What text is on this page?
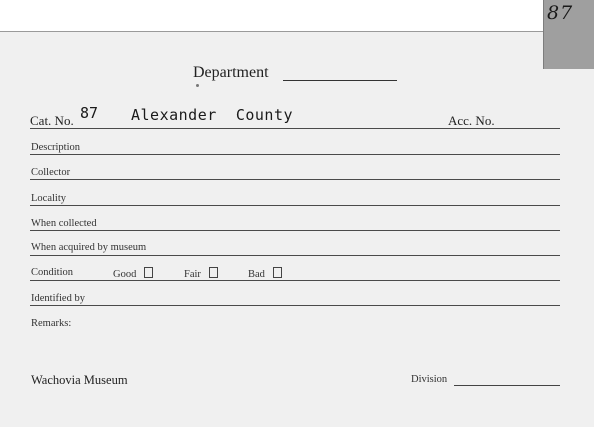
87
Department
Cat. No. 87 Alexander  County	Acc. No.
Description
Collector
Locality
When collected
When acquired by museum
Condition	Good	Fair	Bad
Identified by
Remarks:
Wachovia Museum	Division
